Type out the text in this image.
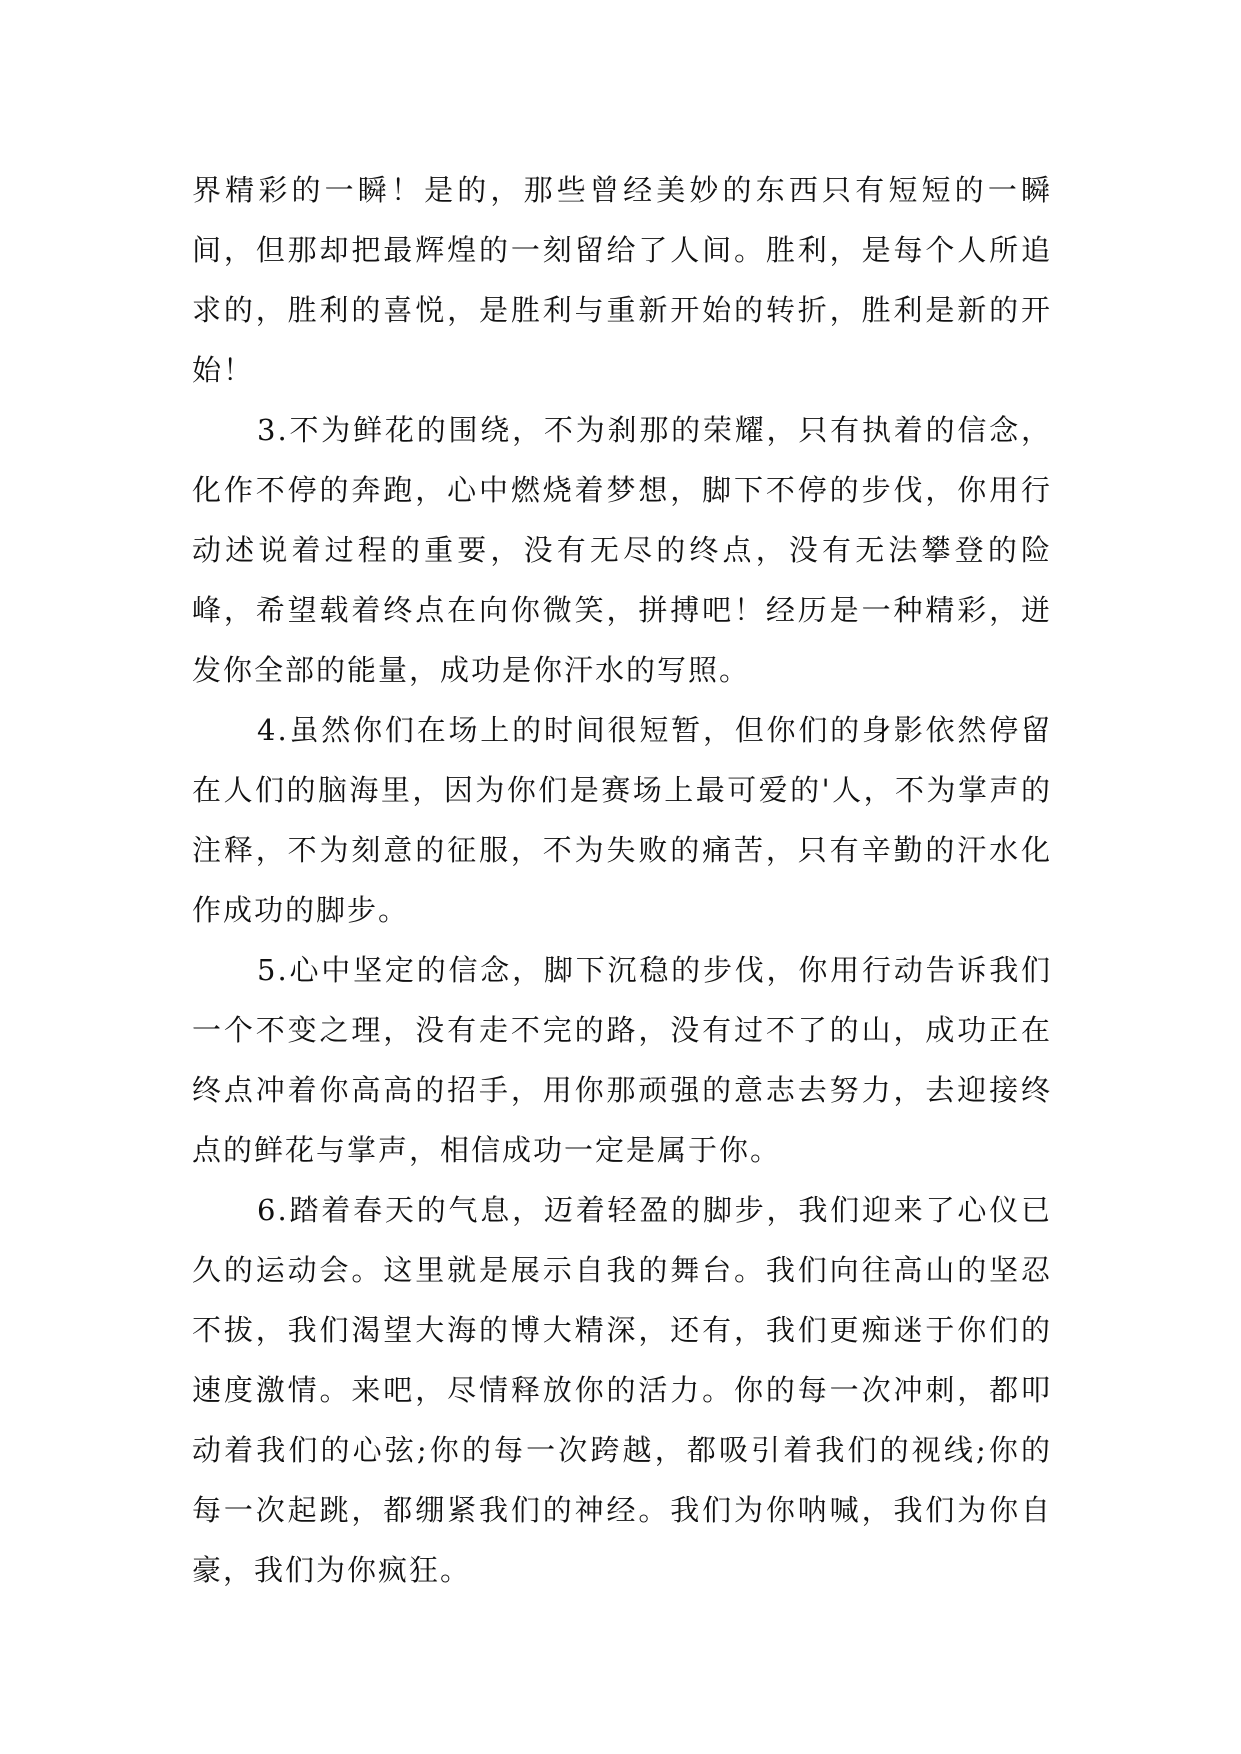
界精彩的一瞬！是的，那些曾经美妙的东西只有短短的一瞬间，但那却把最辉煌的一刻留给了人间。胜利，是每个人所追求的，胜利的喜悦，是胜利与重新开始的转折，胜利是新的开始！

3.不为鲜花的围绕，不为刹那的荣耀，只有执着的信念，化作不停的奔跑，心中燃烧着梦想，脚下不停的步伐，你用行动述说着过程的重要，没有无尽的终点，没有无法攀登的险峰，希望载着终点在向你微笑，拼搏吧！经历是一种精彩，迸发你全部的能量，成功是你汗水的写照。

4.虽然你们在场上的时间很短暂，但你们的身影依然停留在人们的脑海里，因为你们是赛场上最可爱的'人，不为掌声的注释，不为刻意的征服，不为失败的痛苦，只有辛勤的汗水化作成功的脚步。

5.心中坚定的信念，脚下沉稳的步伐，你用行动告诉我们一个不变之理，没有走不完的路，没有过不了的山，成功正在终点冲着你高高的招手，用你那顽强的意志去努力，去迎接终点的鲜花与掌声，相信成功一定是属于你。

6.踏着春天的气息，迈着轻盈的脚步，我们迎来了心仪已久的运动会。这里就是展示自我的舞台。我们向往高山的坚忍不拔，我们渴望大海的博大精深，还有，我们更痴迷于你们的速度激情。来吧，尽情释放你的活力。你的每一次冲刺，都叩动着我们的心弦;你的每一次跨越，都吸引着我们的视线;你的每一次起跳，都绷紧我们的神经。我们为你呐喊，我们为你自豪，我们为你疯狂。
